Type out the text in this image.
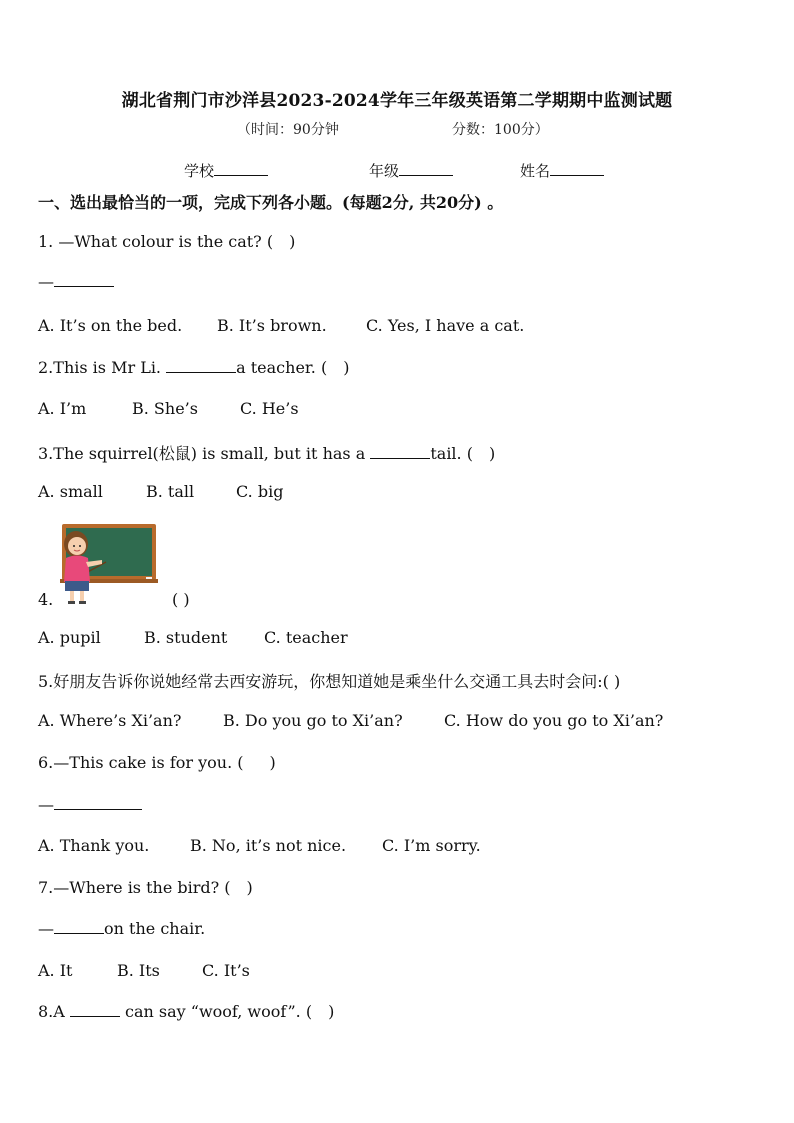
湖北省荆门市沙洋县2023-2024学年三年级英语第二学期期中监测试题
（时间：90分钟	分数：100分）
学校	年级	姓名
一、选出最恰当的一项，完成下列各小题。(每题2分, 共20分) 。
1. —What colour is the cat? ( )
—
A. It’s on the bed. B. It’s brown. C. Yes, I have a cat.
2.This is Mr Li.	a teacher. ( )
A. I’m	B. She’s	C. He’s
3.The squirrel(松鼠) is small, but it has a	tail. ( )
A. small	B. tall	C. big
4.	( )
A. pupil	B. student C. teacher
5.好朋友告诉你说她经常去西安游玩，你想知道她是乘坐什么交通工具去时会问:( )
A. Where’s Xi’an?	B. Do you go to Xi’an?	C. How do you go to Xi’an?
6.—This cake is for you. ( )
—
A. Thank you.	B. No, it’s not nice. C. I’m sorry.
7.—Where is the bird? ( )
—	on the chair.
A. It	B. Its	C. It’s
8.A	can say “woof, woof”. ( )
